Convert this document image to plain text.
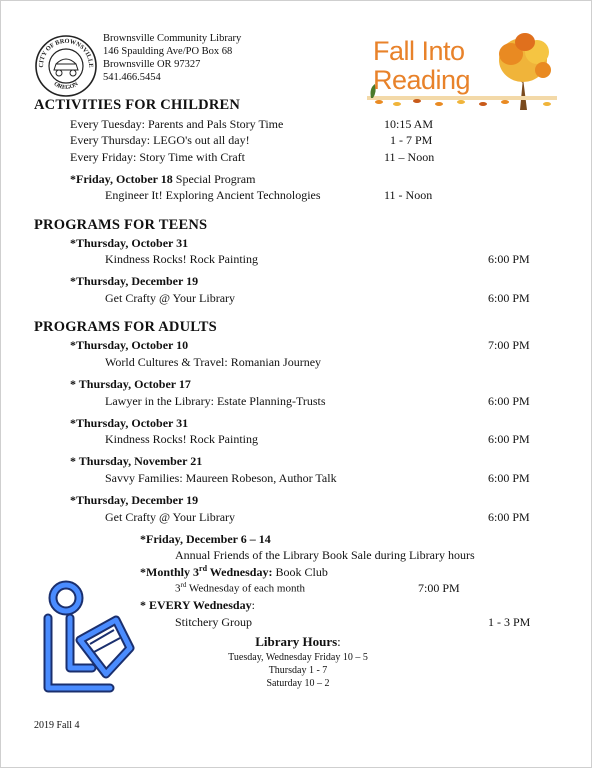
CITY OF BROWNSVILLE
OREGON
Brownsville Community Library
146 Spaulding Ave/PO Box 68
Brownsville OR 97327
541.466.5454
Fall Into
Reading
ACTIVITIES FOR CHILDREN
Every Tuesday: Parents and Pals Story Time	10:15 AM
Every Thursday: LEGO's out all day!	1 - 7 PM
Every Friday: Story Time with Craft	11 – Noon
*Friday, October 18 Special Program
Engineer It! Exploring Ancient Technologies	11 - Noon
PROGRAMS FOR TEENS
*Thursday, October 31
Kindness Rocks! Rock Painting	6:00 PM
*Thursday, December 19
Get Crafty @ Your Library	6:00 PM
PROGRAMS FOR ADULTS
*Thursday, October 10	7:00 PM
World Cultures & Travel: Romanian Journey
* Thursday, October 17
Lawyer in the Library: Estate Planning-Trusts	6:00 PM
*Thursday, October 31
Kindness Rocks! Rock Painting	6:00 PM
* Thursday, November 21
Savvy Families: Maureen Robeson, Author Talk	6:00 PM
*Thursday, December 19
Get Crafty @ Your Library	6:00 PM
*Friday, December 6 – 14
Annual Friends of the Library Book Sale during Library hours
*Monthly 3rd Wednesday: Book Club
3rd Wednesday of each month	7:00 PM
* EVERY Wednesday:
Stitchery Group	1 - 3 PM
Library Hours:
Tuesday, Wednesday Friday 10 – 5
Thursday 1 - 7
Saturday 10 – 2
2019 Fall 4
